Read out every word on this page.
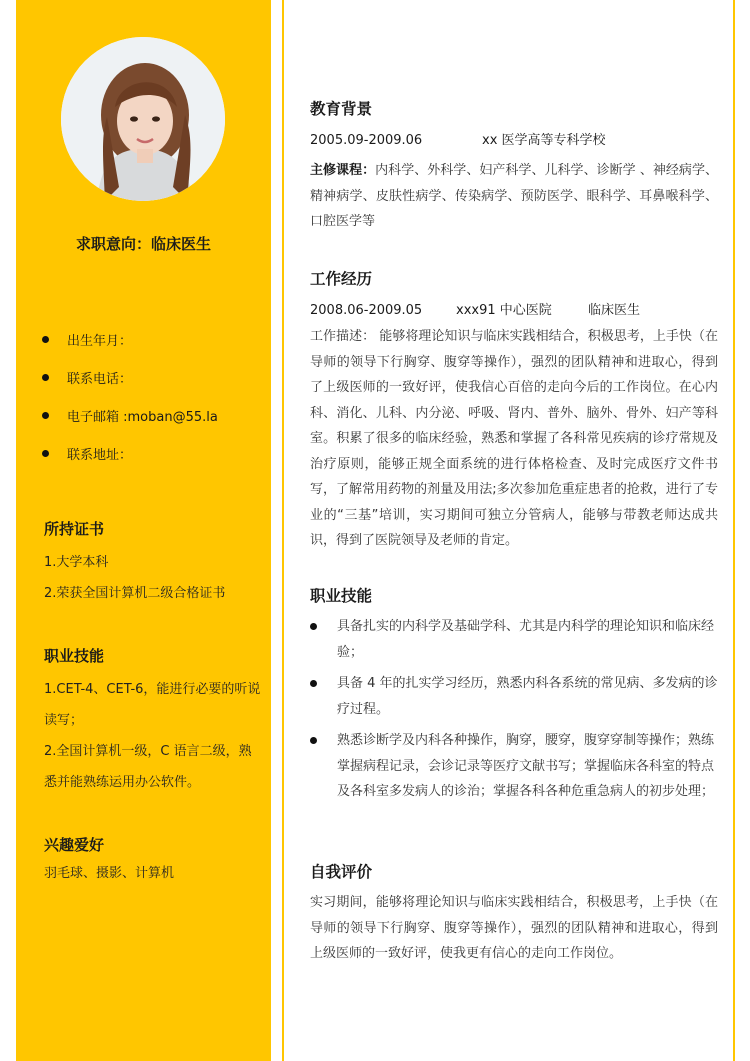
求职意向：临床医生
出生年月：
联系电话：
电子邮箱 :moban@55.la
联系地址：
所持证书

1.大学本科

2.荣获全国计算机二级合格证书

职业技能

1.CET-4、CET-6，能进行必要的听说读写；

2.全国计算机一级，C 语言二级，熟悉并能熟练运用办公软件。

兴趣爱好

羽毛球、摄影、计算机

教育背景
2005.09-2009.06	xx 医学高等专科学校
主修课程：内科学、外科学、妇产科学、儿科学、诊断学 、神经病学、精神病学、皮肤性病学、传染病学、预防医学、眼科学、耳鼻喉科学、口腔医学等
工作经历
2008.06-2009.05	xxx91 中心医院	临床医生
工作描述： 能够将理论知识与临床实践相结合，积极思考，上手快（在导师的领导下行胸穿、腹穿等操作），强烈的团队精神和进取心，得到了上级医师的一致好评，使我信心百倍的走向今后的工作岗位。在心内科、消化、儿科、内分泌、呼吸、肾内、普外、脑外、骨外、妇产等科室。积累了很多的临床经验，熟悉和掌握了各科常见疾病的诊疗常规及治疗原则，能够正规全面系统的进行体格检查、及时完成医疗文件书写，了解常用药物的剂量及用法;多次参加危重症患者的抢救，进行了专业的“三基”培训，实习期间可独立分管病人，能够与带教老师达成共识，得到了医院领导及老师的肯定。
职业技能
具备扎实的内科学及基础学科、尤其是内科学的理论知识和临床经验；
具备 4 年的扎实学习经历，熟悉内科各系统的常见病、多发病的诊疗过程。
熟悉诊断学及内科各种操作，胸穿，腰穿，腹穿穿制等操作；熟练掌握病程记录，会诊记录等医疗文献书写；掌握临床各科室的特点及各科室多发病人的诊治；掌握各科各种危重急病人的初步处理；
自我评价
实习期间，能够将理论知识与临床实践相结合，积极思考，上手快（在导师的领导下行胸穿、腹穿等操作），强烈的团队精神和进取心，得到上级医师的一致好评，使我更有信心的走向工作岗位。
